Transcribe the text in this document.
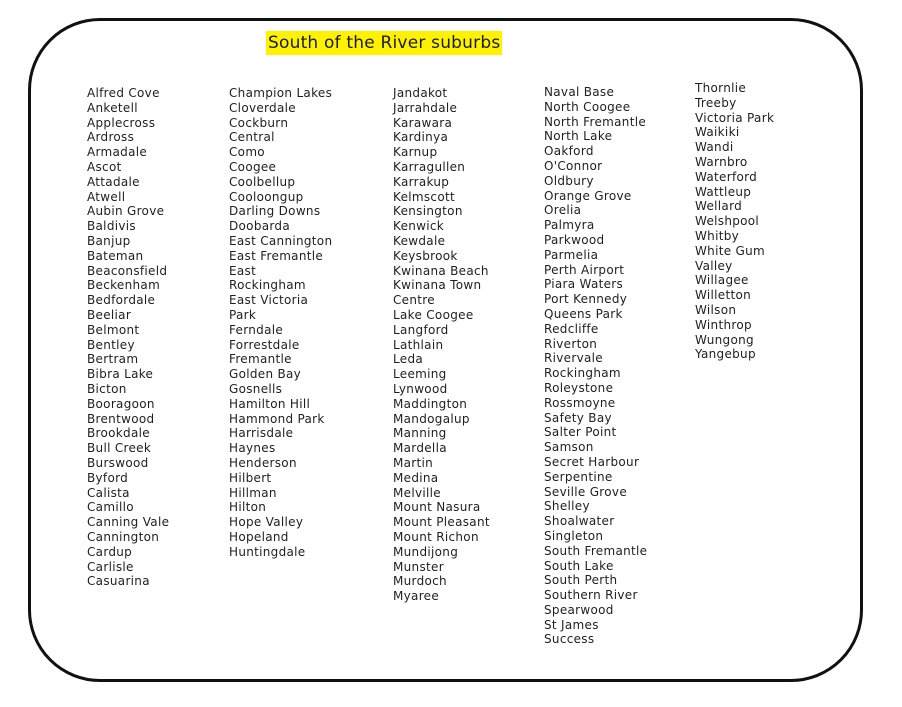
South of the River suburbs
Alfred Cove
Anketell
Applecross
Ardross
Armadale
Ascot
Attadale
Atwell
Aubin Grove
Baldivis
Banjup
Bateman
Beaconsfield
Beckenham
Bedfordale
Beeliar
Belmont
Bentley
Bertram
Bibra Lake
Bicton
Booragoon
Brentwood
Brookdale
Bull Creek
Burswood
Byford
Calista
Camillo
Canning Vale
Cannington
Cardup
Carlisle
Casuarina
Champion Lakes
Cloverdale
Cockburn
Central
Como
Coogee
Coolbellup
Cooloongup
Darling Downs
Doobarda
East Cannington
East Fremantle
East
Rockingham
East Victoria
Park
Ferndale
Forrestdale
Fremantle
Golden Bay
Gosnells
Hamilton Hill
Hammond Park
Harrisdale
Haynes
Henderson
Hilbert
Hillman
Hilton
Hope Valley
Hopeland
Huntingdale
Jandakot
Jarrahdale
Karawara
Kardinya
Karnup
Karragullen
Karrakup
Kelmscott
Kensington
Kenwick
Kewdale
Keysbrook
Kwinana Beach
Kwinana Town
Centre
Lake Coogee
Langford
Lathlain
Leda
Leeming
Lynwood
Maddington
Mandogalup
Manning
Mardella
Martin
Medina
Melville
Mount Nasura
Mount Pleasant
Mount Richon
Mundijong
Munster
Murdoch
Myaree
Naval Base
North Coogee
North Fremantle
North Lake
Oakford
O'Connor
Oldbury
Orange Grove
Orelia
Palmyra
Parkwood
Parmelia
Perth Airport
Piara Waters
Port Kennedy
Queens Park
Redcliffe
Riverton
Rivervale
Rockingham
Roleystone
Rossmoyne
Safety Bay
Salter Point
Samson
Secret Harbour
Serpentine
Seville Grove
Shelley
Shoalwater
Singleton
South Fremantle
South Lake
South Perth
Southern River
Spearwood
St James
Success
Thornlie
Treeby
Victoria Park
Waikiki
Wandi
Warnbro
Waterford
Wattleup
Wellard
Welshpool
Whitby
White Gum
Valley
Willagee
Willetton
Wilson
Winthrop
Wungong
Yangebup
